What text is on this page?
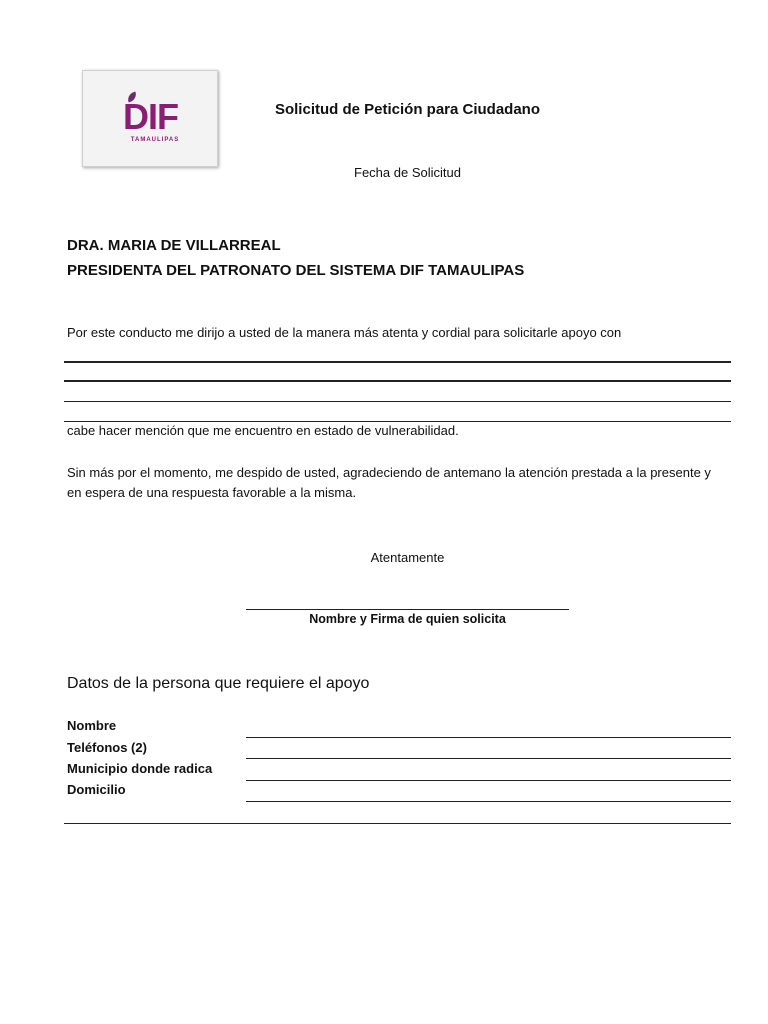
DIF
TAMAULIPAS
Solicitud de Petición para Ciudadano
Fecha de Solicitud
DRA. MARIA DE VILLARREAL
PRESIDENTA DEL PATRONATO DEL SISTEMA DIF TAMAULIPAS
Por este conducto me dirijo a usted de la manera más atenta y cordial para solicitarle apoyo con
cabe hacer mención que me encuentro en estado de vulnerabilidad.
Sin más por el momento, me despido de usted, agradeciendo de antemano la atención prestada a la presente y en espera de una respuesta favorable a la misma.
Atentamente
Nombre y Firma de quien solicita
Datos de la persona que requiere el apoyo
Nombre
Teléfonos (2)
Municipio donde radica
Domicilio
